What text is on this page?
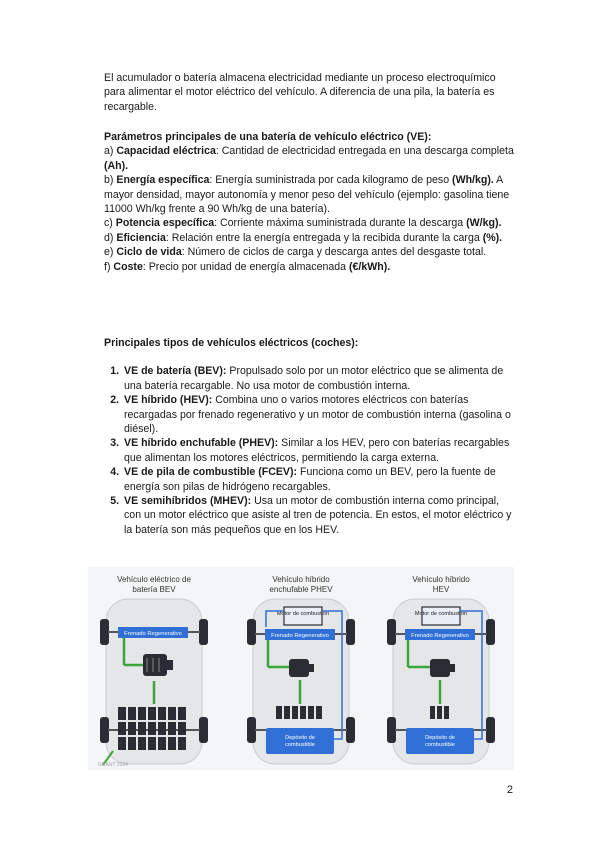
El acumulador o batería almacena electricidad mediante un proceso electroquímico para alimentar el motor eléctrico del vehículo. A diferencia de una pila, la batería es recargable.

Parámetros principales de una batería de vehículo eléctrico (VE):

a) Capacidad eléctrica: Cantidad de electricidad entregada en una descarga completa (Ah).

b) Energía específica: Energía suministrada por cada kilogramo de peso (Wh/kg). A mayor densidad, mayor autonomía y menor peso del vehículo (ejemplo: gasolina tiene 11000 Wh/kg frente a 90 Wh/kg de una batería).

c) Potencia específica: Corriente máxima suministrada durante la descarga (W/kg).

d) Eficiencia: Relación entre la energía entregada y la recibida durante la carga (%).

e) Ciclo de vida: Número de ciclos de carga y descarga antes del desgaste total.

f) Coste: Precio por unidad de energía almacenada (€/kWh).

Principales tipos de vehículos eléctricos (coches):
1. VE de batería (BEV): Propulsado solo por un motor eléctrico que se alimenta de una batería recargable. No usa motor de combustión interna.
2. VE híbrido (HEV): Combina uno o varios motores eléctricos con baterías recargadas por frenado regenerativo y un motor de combustión interna (gasolina o diésel).
3. VE híbrido enchufable (PHEV): Similar a los HEV, pero con baterías recargables que alimentan los motores eléctricos, permitiendo la carga externa.
4. VE de pila de combustible (FCEV): Funciona como un BEV, pero la fuente de energía son pilas de hidrógeno recargables.
5. VE semihíbridos (MHEV): Usa un motor de combustión interna como principal, con un motor eléctrico que asiste al tren de potencia. En estos, el motor eléctrico y la batería son más pequeños que en los HEV.
Vehículo eléctrico de
batería BEV
Frenado Regenerativo
GRANT 2024
Vehículo híbrido
enchufable PHEV
Motor de combustión
Frenado Regenerativo
Depósito de combustible
Vehículo híbrido
HEV
Motor de combustión
Frenado Regenerativo
Depósito de combustible
2
